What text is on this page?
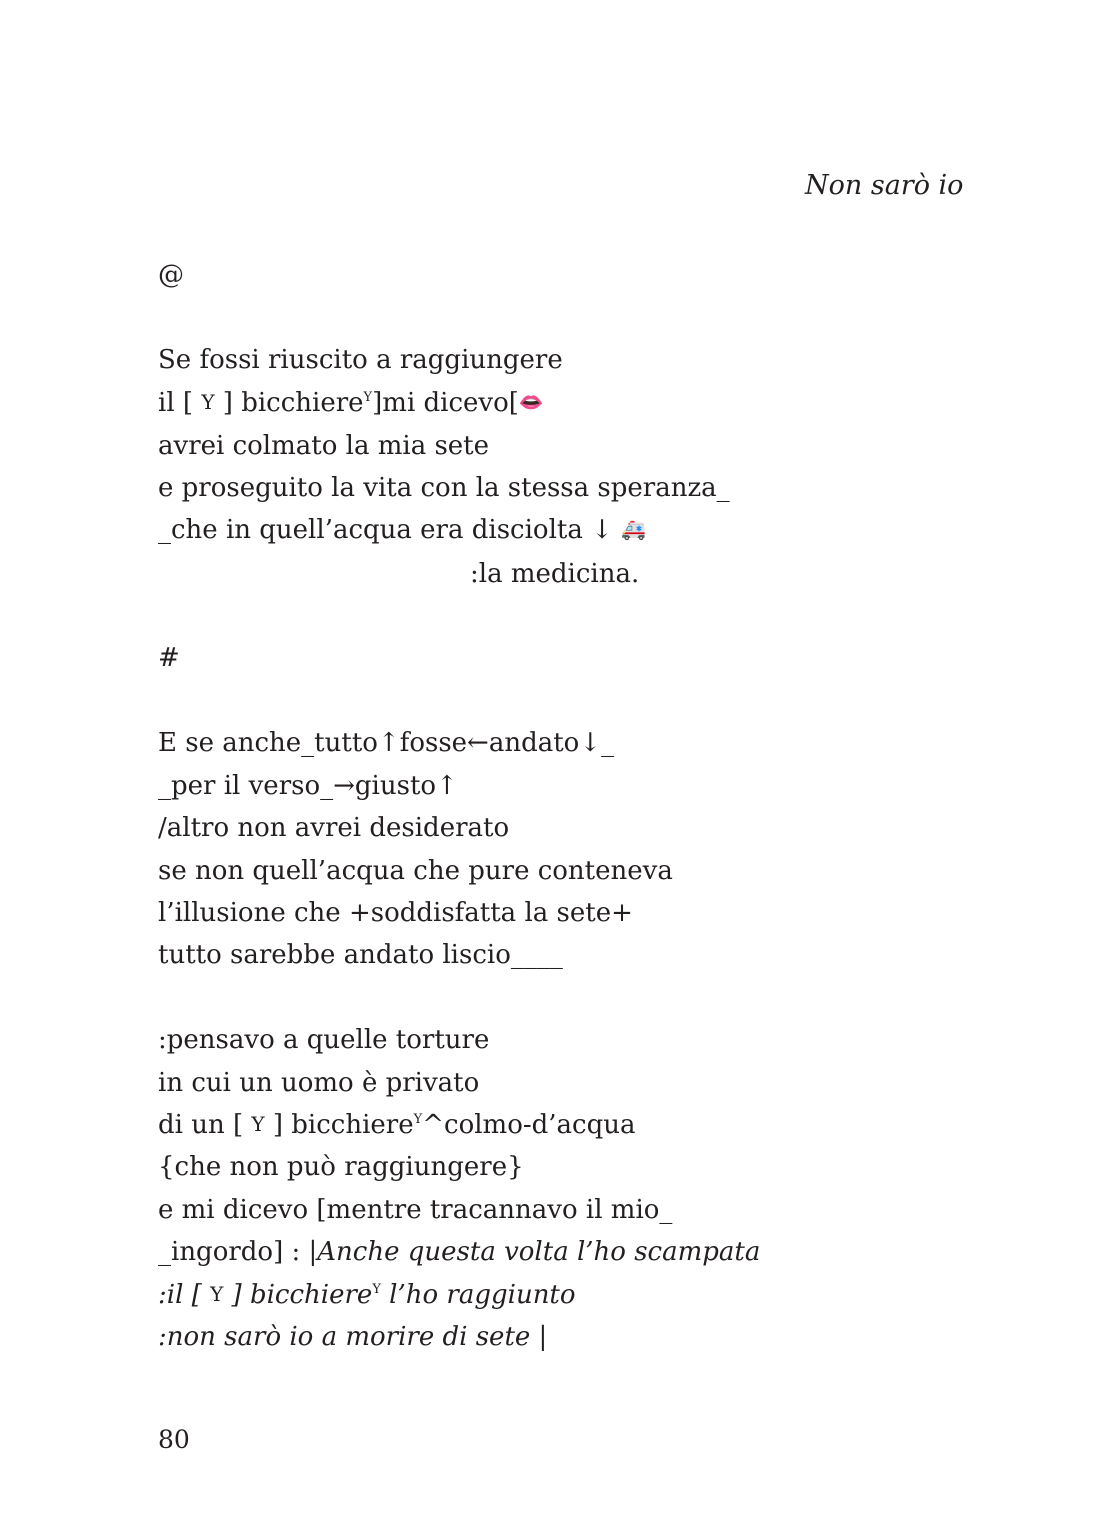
Non sarò io
@
Se fossi riuscito a raggiungere
il [ Y ] bicchiere$^Y$]mi dicevo[👄
avrei colmato la mia sete
e proseguito la vita con la stessa speranza_
_che in quell’acqua era disciolta ↓ 🚑
:la medicina.
#
E se anche_tutto↑fosse←andato↓_
_per il verso_→giusto↑
/altro non avrei desiderato
se non quell’acqua che pure conteneva
l’illusione che +soddisfatta la sete+
tutto sarebbe andato liscio____
:pensavo a quelle torture
in cui un uomo è privato
di un [ Y ] bicchiere$^Y$^colmo-d’acqua
{che non può raggiungere}
e mi dicevo [mentre tracannavo il mio_
_ingordo] : |Anche questa volta l’ho scampata
:il [ Y ] bicchiere$^Y$ l’ho raggiunto
:non sarò io a morire di sete |
80
